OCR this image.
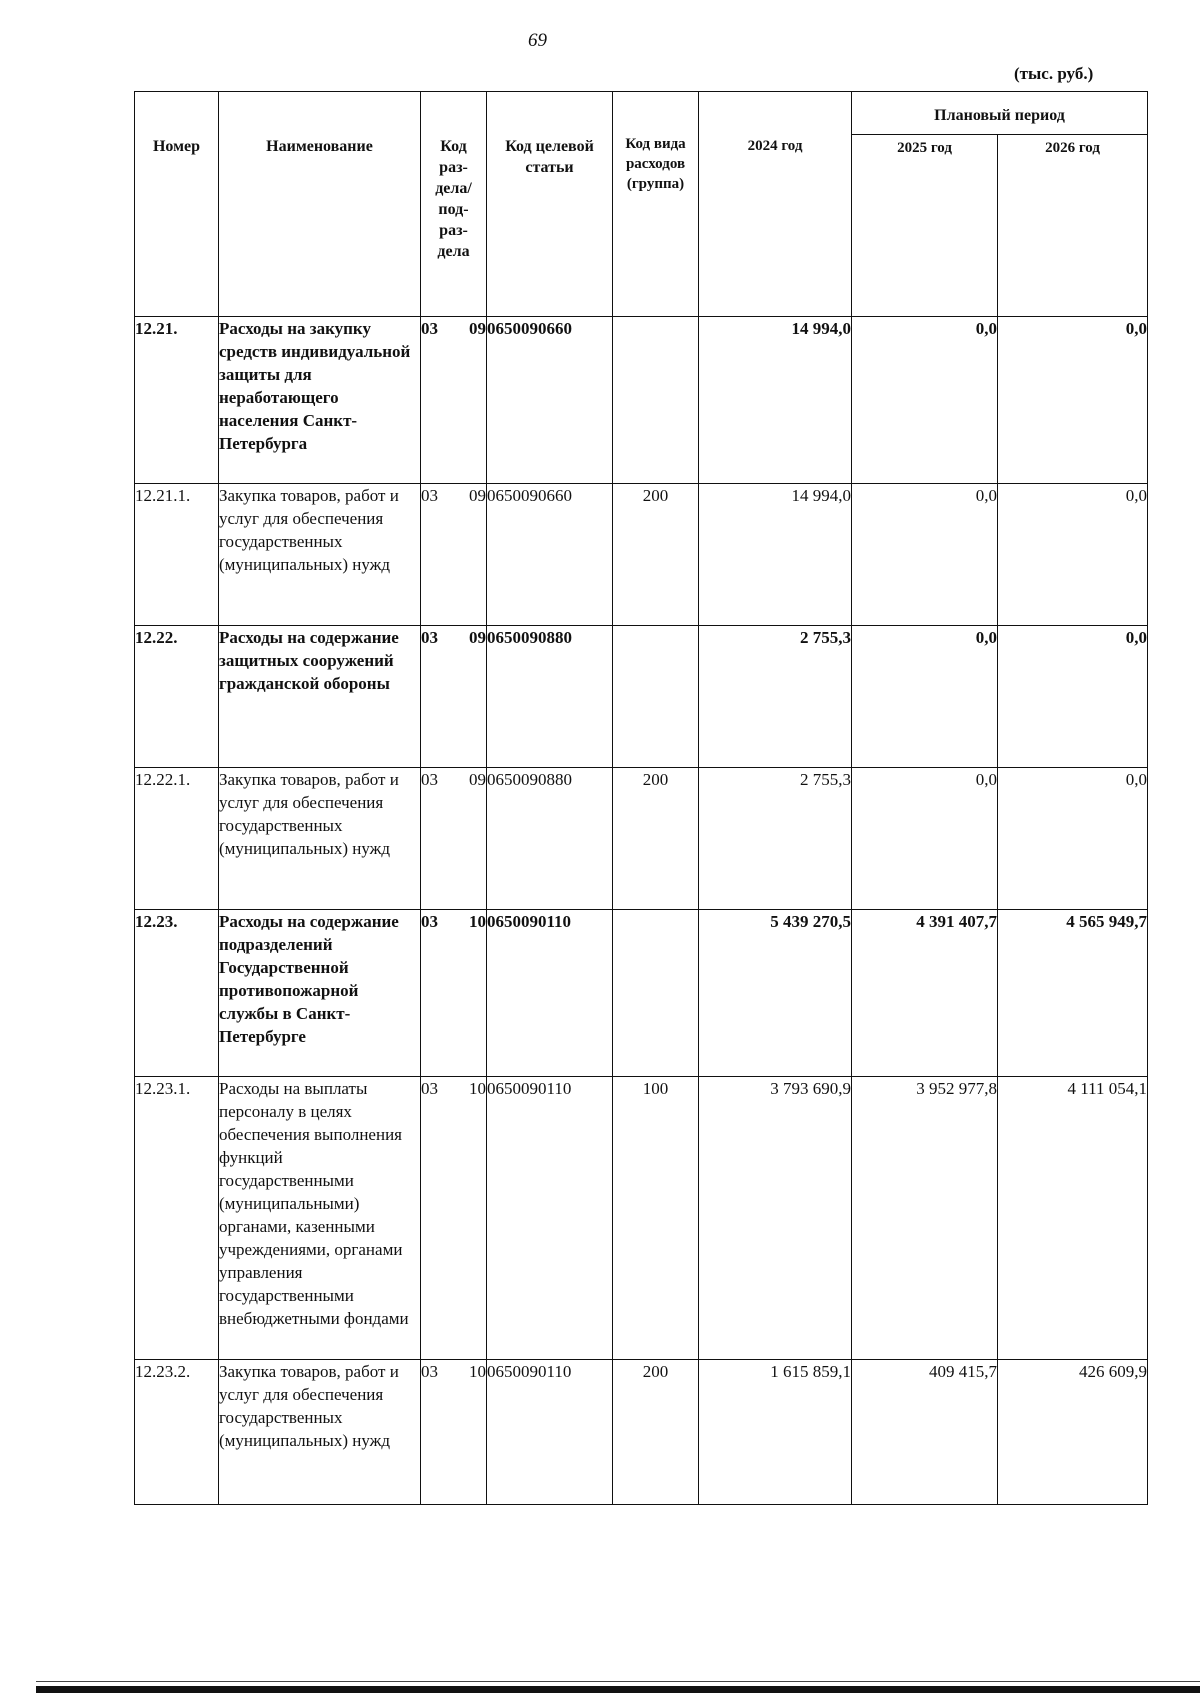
69
(тыс. руб.)
Номер	Наименование	Код раз- дела/ под- раз- дела	Код целевой статьи	Код вида расходов (группа)	2024 год	Плановый период	

						2025 год	2026 год

12.21.	Расходы на закупку средств индивидуальной защиты для неработающего населения Санкт-Петербурга	03 09	0650090660		14 994,0	0,0	0,0
12.21.1.	Закупка товаров, работ и услуг для обеспечения государственных (муниципальных) нужд	03 09	0650090660	200	14 994,0	0,0	0,0
12.22.	Расходы на содержание защитных сооружений гражданской обороны	03 09	0650090880		2 755,3	0,0	0,0
12.22.1.	Закупка товаров, работ и услуг для обеспечения государственных (муниципальных) нужд	03 09	0650090880	200	2 755,3	0,0	0,0
12.23.	Расходы на содержание подразделений Государственной противопожарной службы в Санкт-Петербурге	03 10	0650090110		5 439 270,5	4 391 407,7	4 565 949,7
12.23.1.	Расходы на выплаты персоналу в целях обеспечения выполнения функций государственными (муниципальными) органами, казенными учреждениями, органами управления государственными внебюджетными фондами	03 10	0650090110	100	3 793 690,9	3 952 977,8	4 111 054,1
12.23.2.	Закупка товаров, работ и услуг для обеспечения государственных (муниципальных) нужд	03 10	0650090110	200	1 615 859,1	409 415,7	426 609,9
